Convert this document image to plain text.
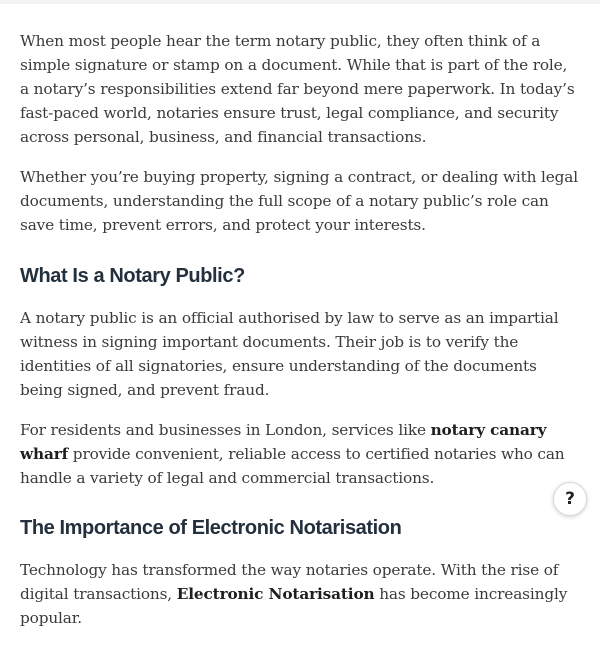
When most people hear the term notary public, they often think of a simple signature or stamp on a document. While that is part of the role, a notary’s responsibilities extend far beyond mere paperwork. In today’s fast-paced world, notaries ensure trust, legal compliance, and security across personal, business, and financial transactions.

Whether you’re buying property, signing a contract, or dealing with legal documents, understanding the full scope of a notary public’s role can save time, prevent errors, and protect your interests.

What Is a Notary Public?

A notary public is an official authorised by law to serve as an impartial witness in signing important documents. Their job is to verify the identities of all signatories, ensure understanding of the documents being signed, and prevent fraud.

For residents and businesses in London, services like notary canary wharf provide convenient, reliable access to certified notaries who can handle a variety of legal and commercial transactions.

The Importance of Electronic Notarisation

Technology has transformed the way notaries operate. With the rise of digital transactions, Electronic Notarisation has become increasingly popular.

?
